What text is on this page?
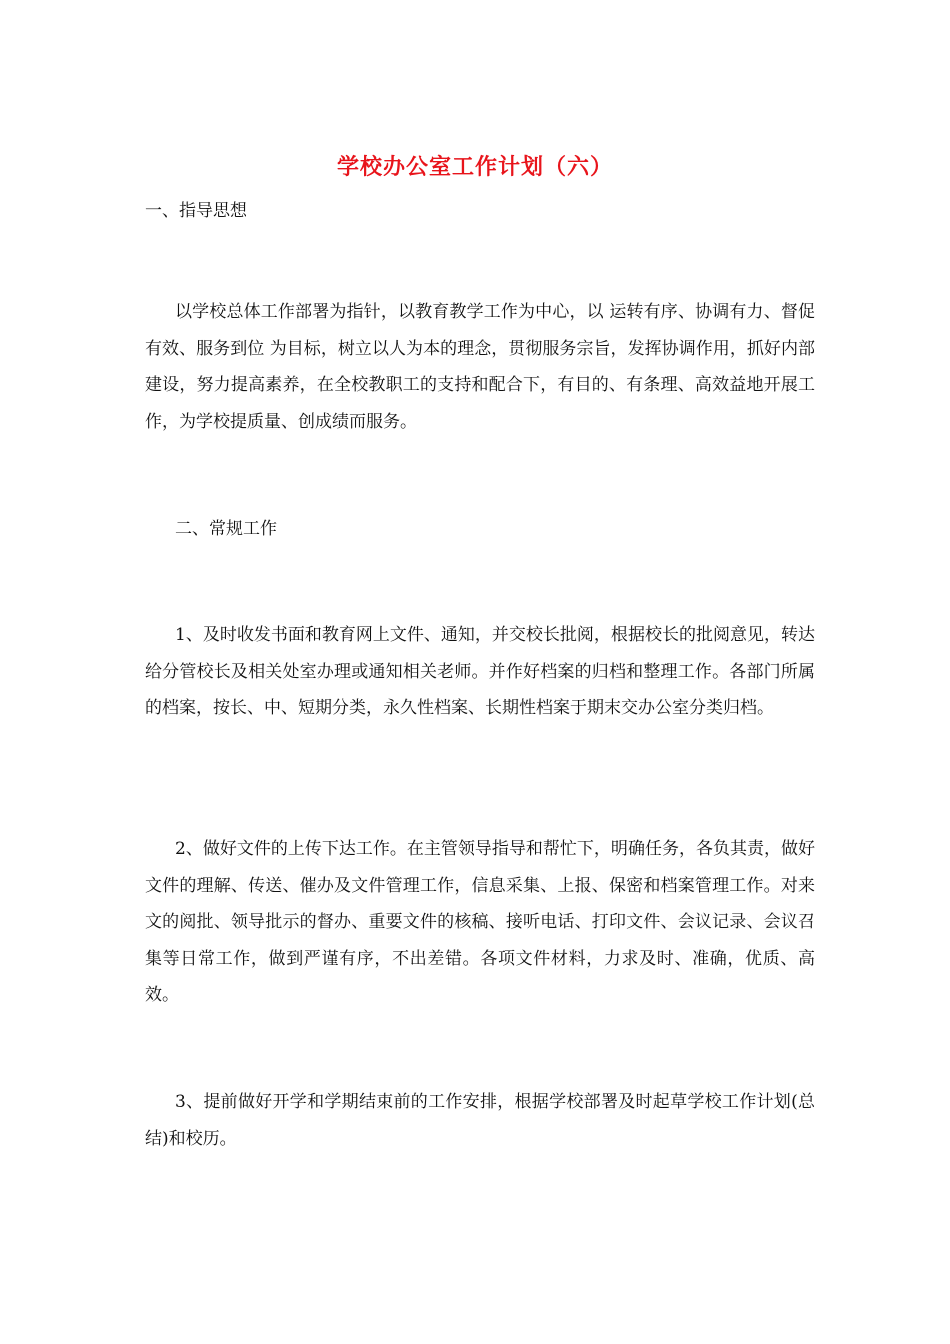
学校办公室工作计划（六）
一、指导思想

以学校总体工作部署为指针，以教育教学工作为中心，以 运转有序、协调有力、督促有效、服务到位 为目标，树立以人为本的理念，贯彻服务宗旨，发挥协调作用，抓好内部建设，努力提高素养，在全校教职工的支持和配合下，有目的、有条理、高效益地开展工作，为学校提质量、创成绩而服务。

二、常规工作

1、及时收发书面和教育网上文件、通知，并交校长批阅，根据校长的批阅意见，转达给分管校长及相关处室办理或通知相关老师。并作好档案的归档和整理工作。各部门所属的档案，按长、中、短期分类，永久性档案、长期性档案于期末交办公室分类归档。

2、做好文件的上传下达工作。在主管领导指导和帮忙下，明确任务，各负其责，做好文件的理解、传送、催办及文件管理工作，信息采集、上报、保密和档案管理工作。对来文的阅批、领导批示的督办、重要文件的核稿、接听电话、打印文件、会议记录、会议召集等日常工作，做到严谨有序，不出差错。各项文件材料，力求及时、准确，优质、高效。

3、提前做好开学和学期结束前的工作安排，根据学校部署及时起草学校工作计划(总结)和校历。
